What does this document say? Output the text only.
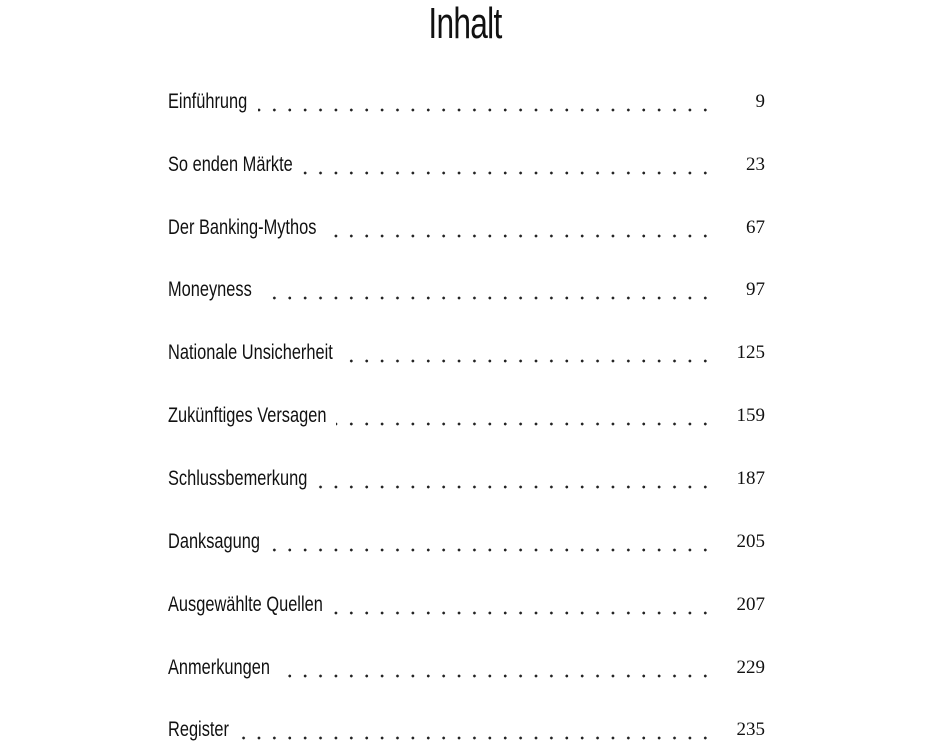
Inhalt
Einführung	9
So enden Märkte	23
Der Banking-Mythos	67
Moneyness	97
Nationale Unsicherheit	125
Zukünftiges Versagen	159
Schlussbemerkung	187
Danksagung	205
Ausgewählte Quellen	207
Anmerkungen	229
Register	235
